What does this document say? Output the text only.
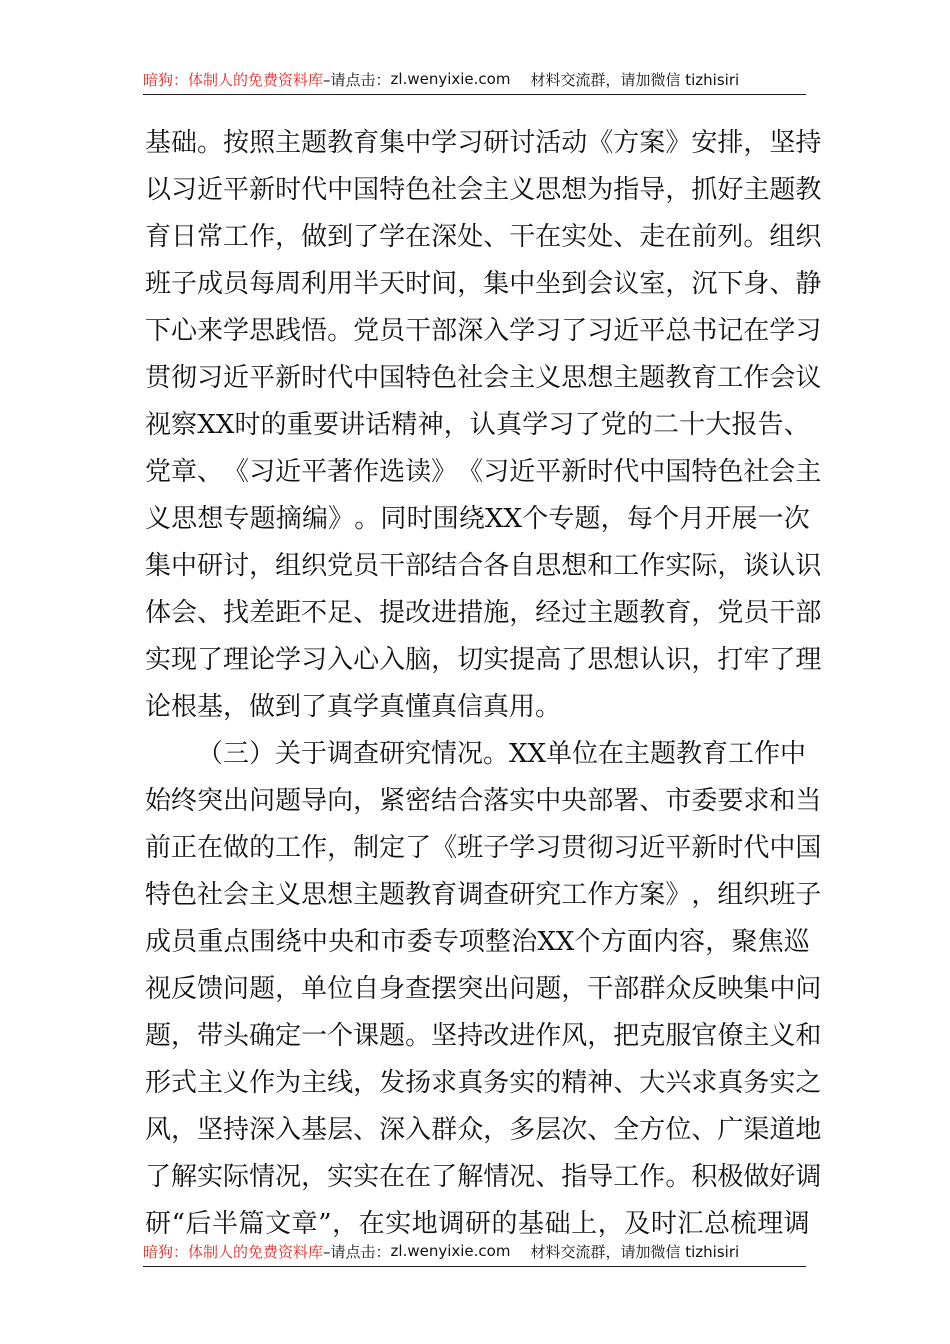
暗狗：体制人的免费资料库 –请点击： zl.wenyixie.com 材料交流群，请加微信 tizhisiri
基 础 。 按 照 主 题 教 育 集 中 学 习 研 讨 活 动 《 方 案 》 安 排 ， 坚 持
以 习 近 平 新 时 代 中 国 特 色 社 会 主 义 思 想 为 指 导 ， 抓 好 主 题 教
育 日 常 工 作 ， 做 到 了 学 在 深 处 、 干 在 实 处 、 走 在 前 列 。 组 织
班 子 成 员 每 周 利 用 半 天 时 间 ， 集 中 坐 到 会 议 室 ， 沉 下 身 、 静
下 心 来 学 思 践 悟 。 党 员 干 部 深 入 学 习 了 习 近 平 总 书 记 在 学 习
贯 彻 习 近 平 新 时 代 中 国 特 色 社 会 主 义 思 想 主 题 教 育 工 作 会 议
视 察 XX 时 的 重 要 讲 话 精 神 ， 认 真 学 习 了 党 的 二 十 大 报 告 、
党 章 、 《 习 近 平 著 作 选 读 》 《 习 近 平 新 时 代 中 国 特 色 社 会 主
义 思 想 专 题 摘 编 》 。 同 时 围 绕 XX 个 专 题 ， 每 个 月 开 展 一 次
集 中 研 讨 ， 组 织 党 员 干 部 结 合 各 自 思 想 和 工 作 实 际 ， 谈 认 识
体 会 、 找 差 距 不 足 、 提 改 进 措 施 ， 经 过 主 题 教 育 ， 党 员 干 部
实 现 了 理 论 学 习 入 心 入 脑 ， 切 实 提 高 了 思 想 认 识 ， 打 牢 了 理
论根基，做到了真学真懂真信真用。
（三）关于调查研究情况。XX单位在主题教育工作中
始 终 突 出 问 题 导 向 ， 紧 密 结 合 落 实 中 央 部 署 、 市 委 要 求 和 当
前 正 在 做 的 工 作 ， 制 定 了 《 班 子 学 习 贯 彻 习 近 平 新 时 代 中 国
特 色 社 会 主 义 思 想 主 题 教 育 调 查 研 究 工 作 方 案 》 ， 组 织 班 子
成 员 重 点 围 绕 中 央 和 市 委 专 项 整 治 XX 个 方 面 内 容 ， 聚 焦 巡
视 反 馈 问 题 ， 单 位 自 身 查 摆 突 出 问 题 ， 干 部 群 众 反 映 集 中 问
题 ， 带 头 确 定 一 个 课 题 。 坚 持 改 进 作 风 ， 把 克 服 官 僚 主 义 和
形 式 主 义 作 为 主 线 ， 发 扬 求 真 务 实 的 精 神 、 大 兴 求 真 务 实 之
风 ， 坚 持 深 入 基 层 、 深 入 群 众 ， 多 层 次 、 全 方 位 、 广 渠 道 地
了 解 实 际 情 况 ， 实 实 在 在 了 解 情 况 、 指 导 工 作 。 积 极 做 好 调
研 “ 后 半 篇 文 章 ” ， 在 实 地 调 研 的 基 础 上 ， 及 时 汇 总 梳 理 调
暗狗：体制人的免费资料库 –请点击： zl.wenyixie.com 材料交流群，请加微信 tizhisiri
